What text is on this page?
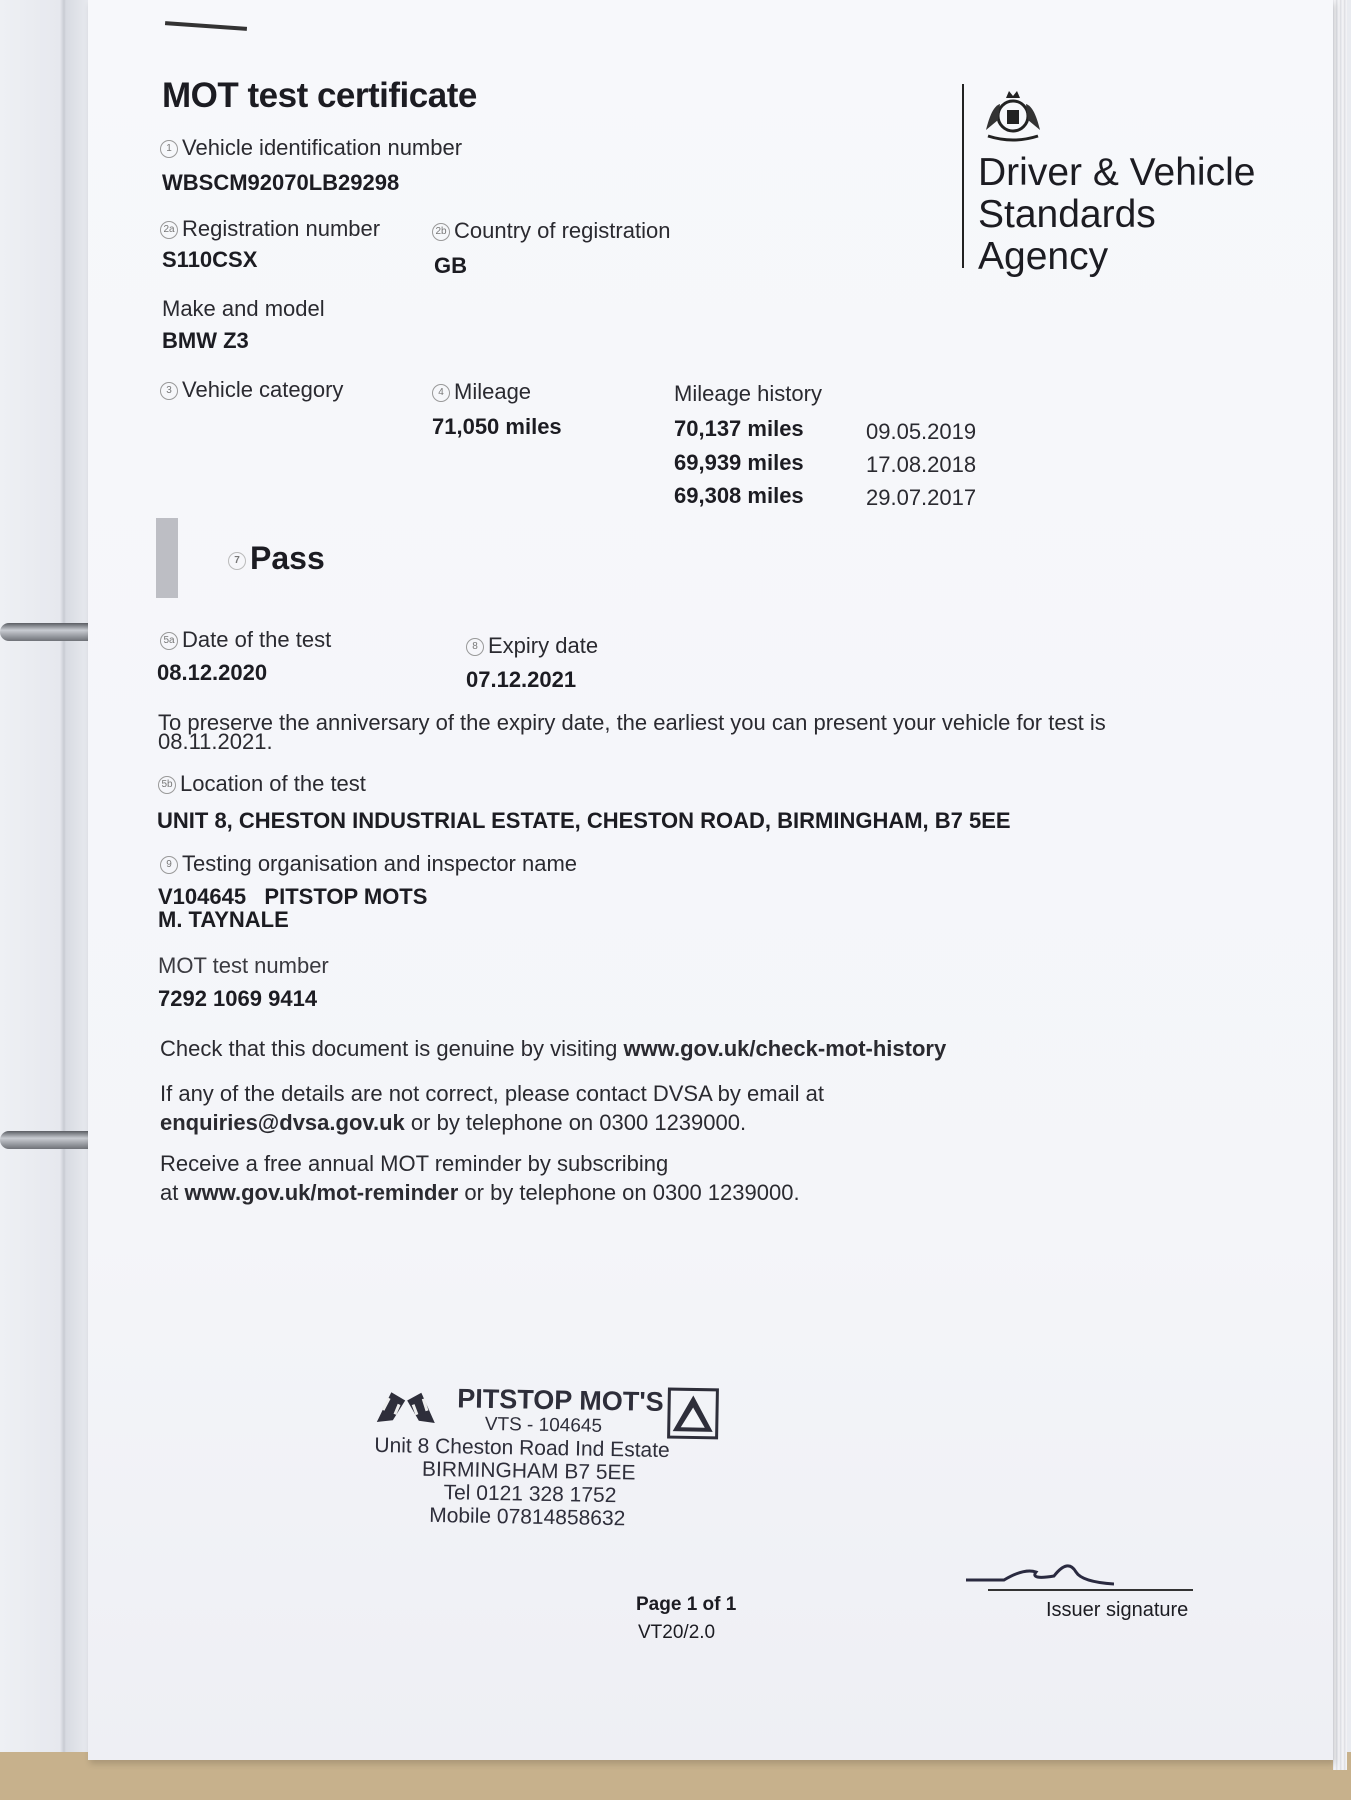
MOT test certificate
1 Vehicle identification number
WBSCM92070LB29298
2a Registration number
S110CSX
2b Country of registration
GB
Make and model
BMW Z3
3 Vehicle category	4 Mileage
71,050 miles
Mileage history
70,137 miles	09.05.2019
69,939 miles	17.08.2018
69,308 miles	29.07.2017
7 Pass
5a Date of the test
08.12.2020
8 Expiry date
07.12.2021
To preserve the anniversary of the expiry date, the earliest you can present your vehicle for test is
08.11.2021.
5b Location of the test
UNIT 8, CHESTON INDUSTRIAL ESTATE, CHESTON ROAD, BIRMINGHAM, B7 5EE
9 Testing organisation and inspector name
V104645   PITSTOP MOTS
M. TAYNALE
MOT test number
7292 1069 9414
Check that this document is genuine by visiting www.gov.uk/check-mot-history
If any of the details are not correct, please contact DVSA by email at
enquiries@dvsa.gov.uk or by telephone on 0300 1239000.
Receive a free annual MOT reminder by subscribing
at www.gov.uk/mot-reminder or by telephone on 0300 1239000.
Driver & Vehicle
Standards
Agency
PITSTOP MOT'S
VTS - 104645
Unit 8 Cheston Road Ind Estate
BIRMINGHAM B7 5EE
Tel 0121 328 1752
Mobile 07814858632
Page 1 of 1
VT20/2.0
Issuer signature
